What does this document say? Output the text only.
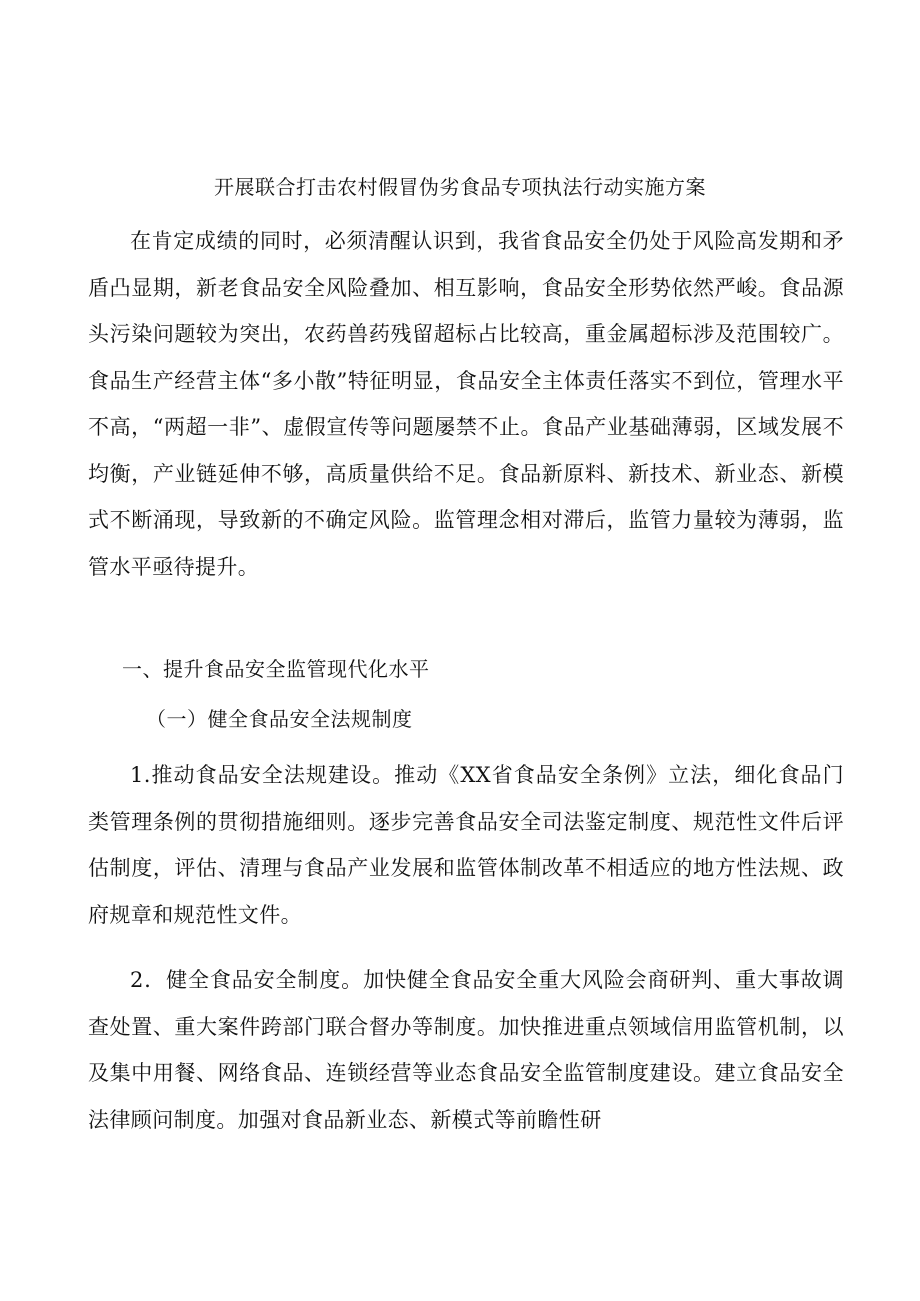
开展联合打击农村假冒伪劣食品专项执法行动实施方案

在肯定成绩的同时，必须清醒认识到，我省食品安全仍处于风险高发期和矛盾凸显期，新老食品安全风险叠加、相互影响，食品安全形势依然严峻。食品源头污染问题较为突出，农药兽药残留超标占比较高，重金属超标涉及范围较广。食品生产经营主体“多小散”特征明显，食品安全主体责任落实不到位，管理水平不高，“两超一非”、虚假宣传等问题屡禁不止。食品产业基础薄弱，区域发展不均衡，产业链延伸不够，高质量供给不足。食品新原料、新技术、新业态、新模式不断涌现，导致新的不确定风险。监管理念相对滞后，监管力量较为薄弱，监管水平亟待提升。

一、提升食品安全监管现代化水平
（一）健全食品安全法规制度

1.推动食品安全法规建设。推动《XX省食品安全条例》立法，细化食品门类管理条例的贯彻措施细则。逐步完善食品安全司法鉴定制度、规范性文件后评估制度，评估、清理与食品产业发展和监管体制改革不相适应的地方性法规、政府规章和规范性文件。

2．健全食品安全制度。加快健全食品安全重大风险会商研判、重大事故调查处置、重大案件跨部门联合督办等制度。加快推进重点领域信用监管机制，以及集中用餐、网络食品、连锁经营等业态食品安全监管制度建设。建立食品安全法律顾问制度。加强对食品新业态、新模式等前瞻性研
